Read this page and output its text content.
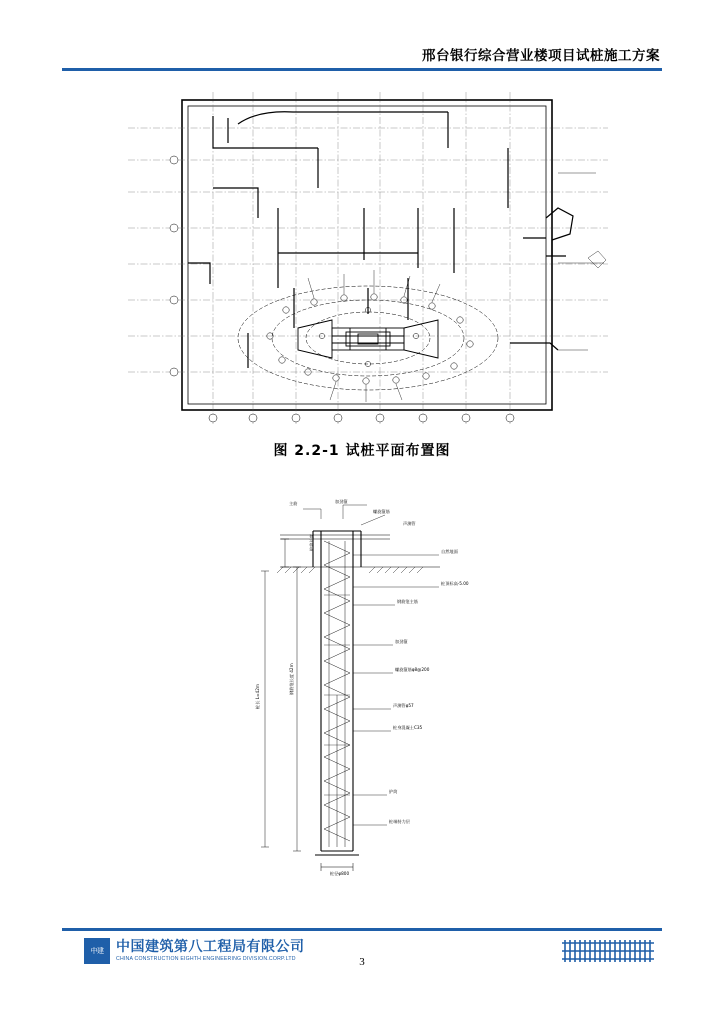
邢台银行综合营业楼项目试桩施工方案
图 2.2-1 试桩平面布置图
主筋	加劲箍
螺旋箍筋
声测管
自然地面
桩顶标高-5.00
钢筋笼主筋
加劲箍
螺旋箍筋φ8@200
声测管φ57
桩身混凝土C35
护筒
桩端持力层
桩径φ800
桩长 L=42m
钢筋笼长度 42m
护筒长度
中建 中国建筑第八工程局有限公司
CHINA CONSTRUCTION EIGHTH ENGINEERING DIVISION.CORP.LTD	3
